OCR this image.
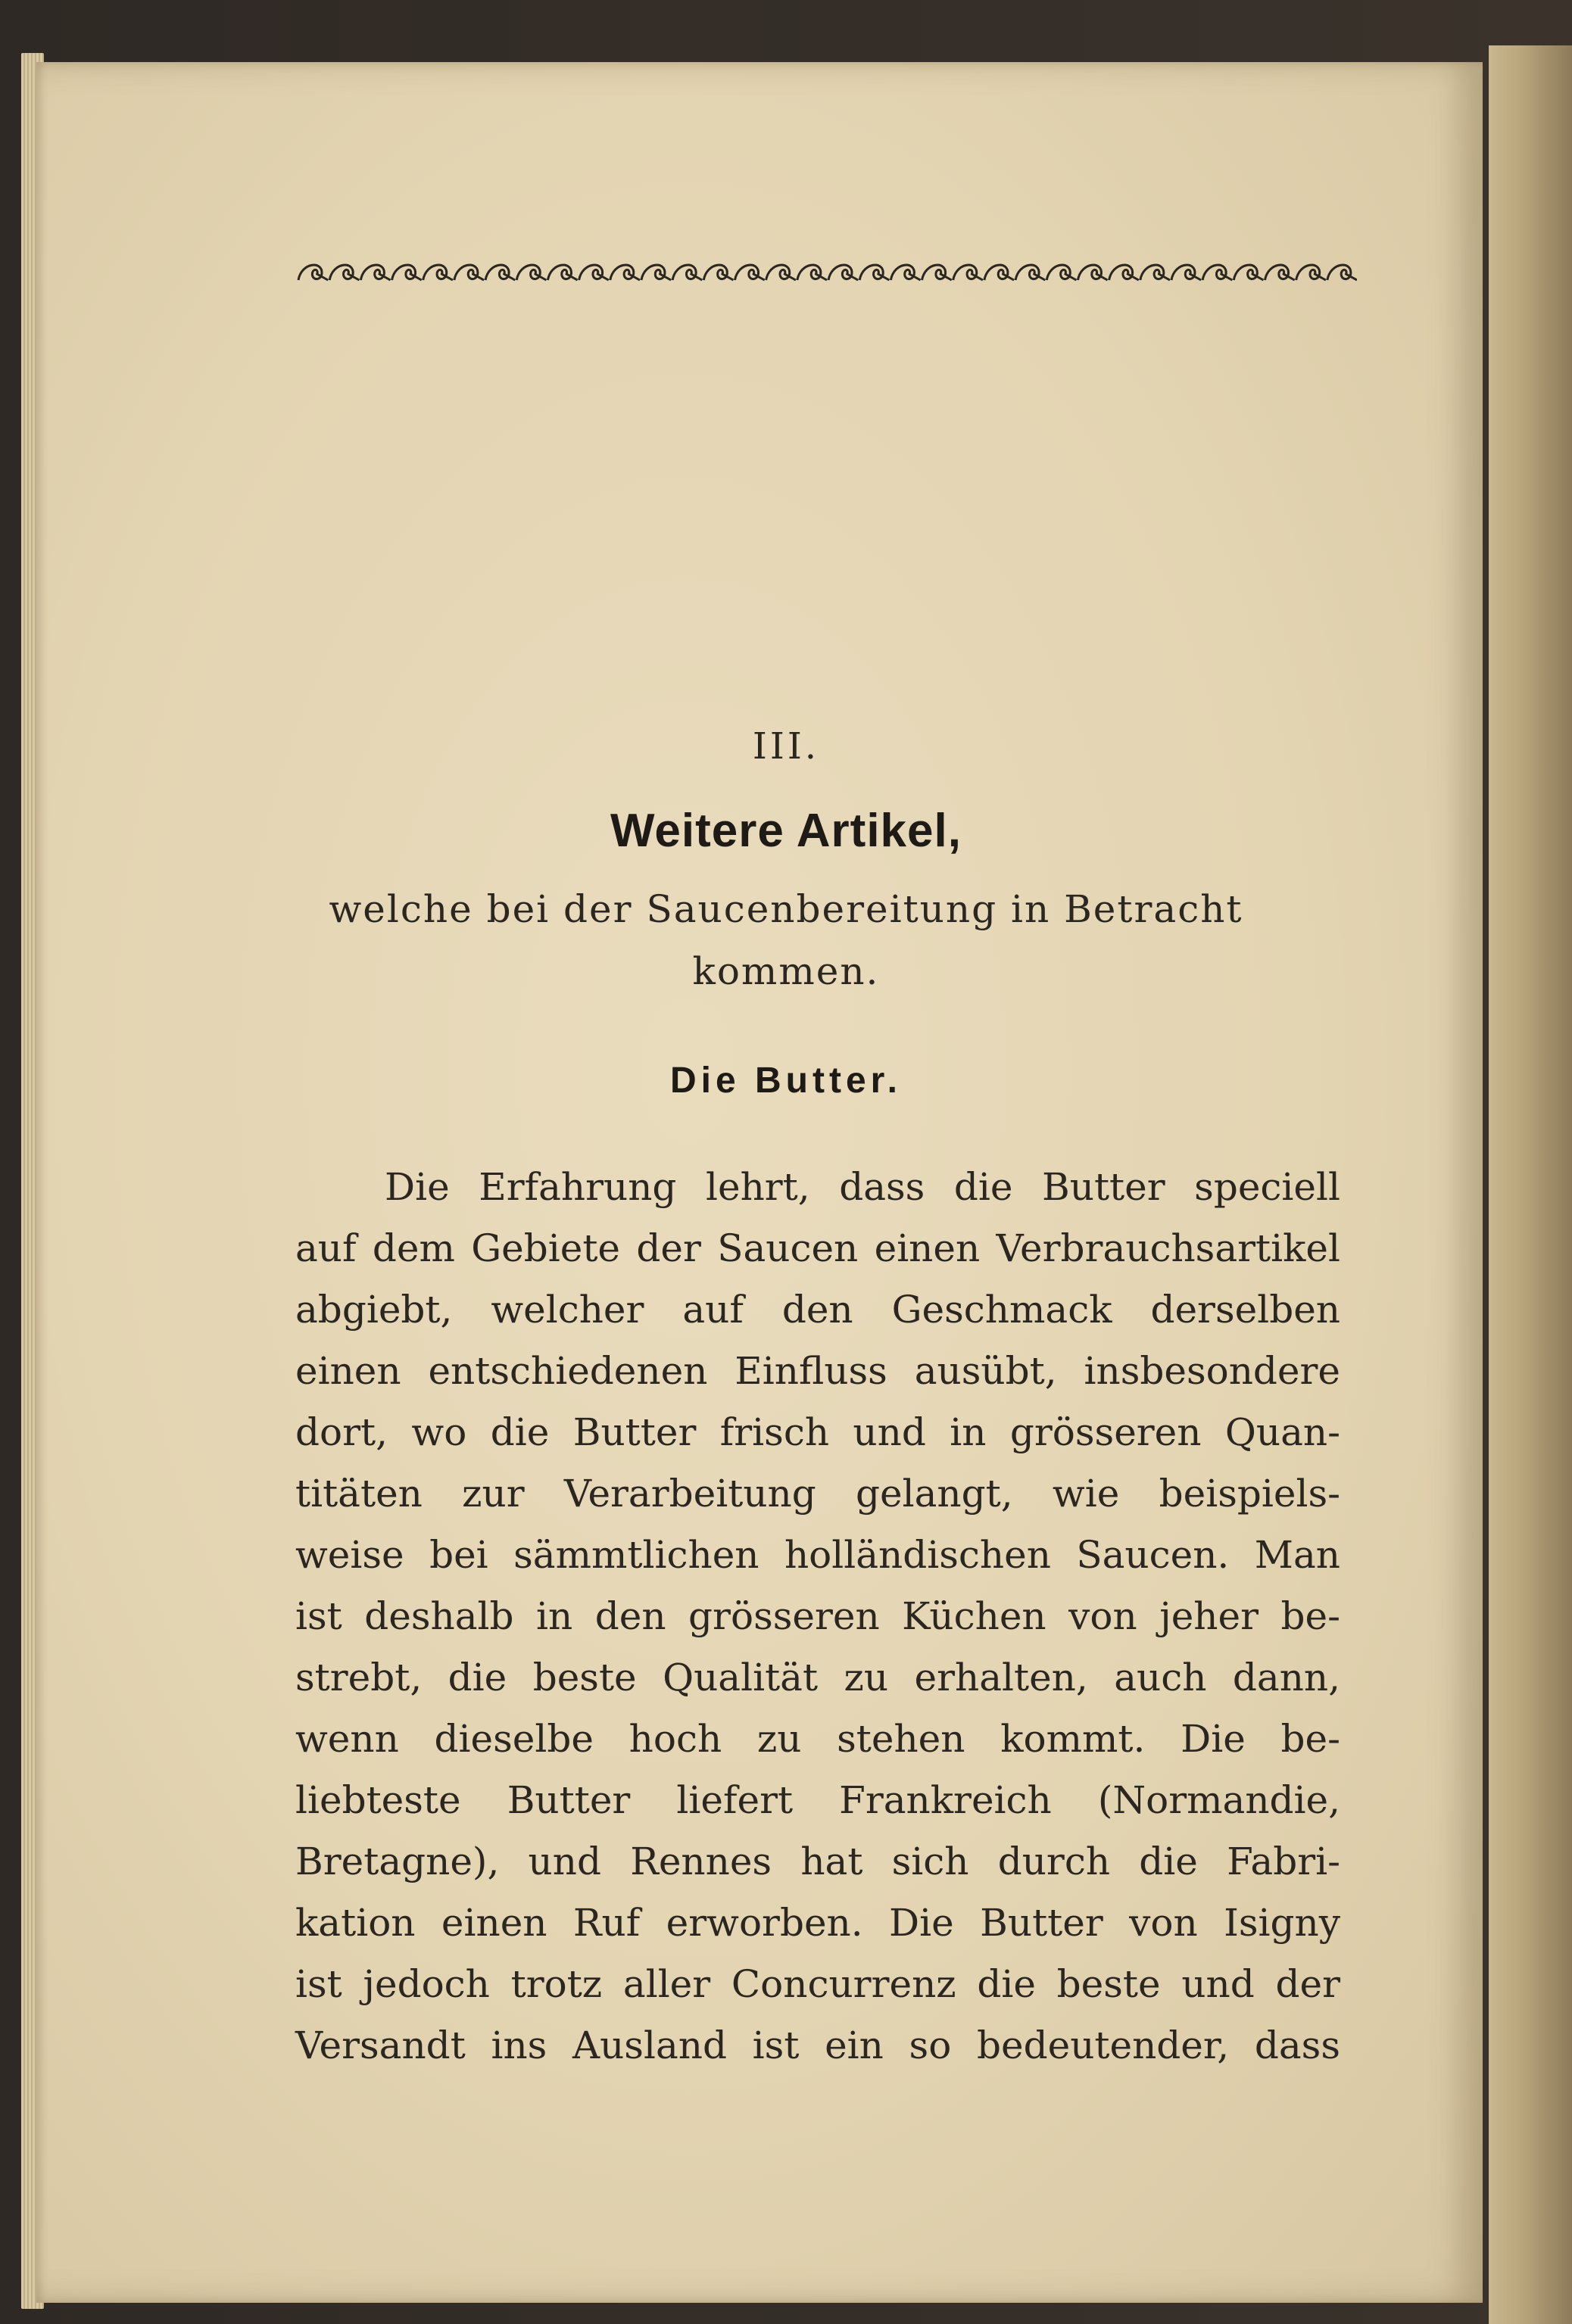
III.
Weitere Artikel,
welche bei der Saucenbereitung in Betracht
kommen.
Die Butter.
Die Erfahrung lehrt, dass die Butter speciell
auf dem Gebiete der Saucen einen Verbrauchsartikel
abgiebt, welcher auf den Geschmack derselben
einen entschiedenen Einfluss ausübt, insbesondere
dort, wo die Butter frisch und in grösseren Quan-
titäten zur Verarbeitung gelangt, wie beispiels-
weise bei sämmtlichen holländischen Saucen. Man
ist deshalb in den grösseren Küchen von jeher be-
strebt, die beste Qualität zu erhalten, auch dann,
wenn dieselbe hoch zu stehen kommt. Die be-
liebteste Butter liefert Frankreich (Normandie,
Bretagne), und Rennes hat sich durch die Fabri-
kation einen Ruf erworben. Die Butter von Isigny
ist jedoch trotz aller Concurrenz die beste und der
Versandt ins Ausland ist ein so bedeutender, dass
